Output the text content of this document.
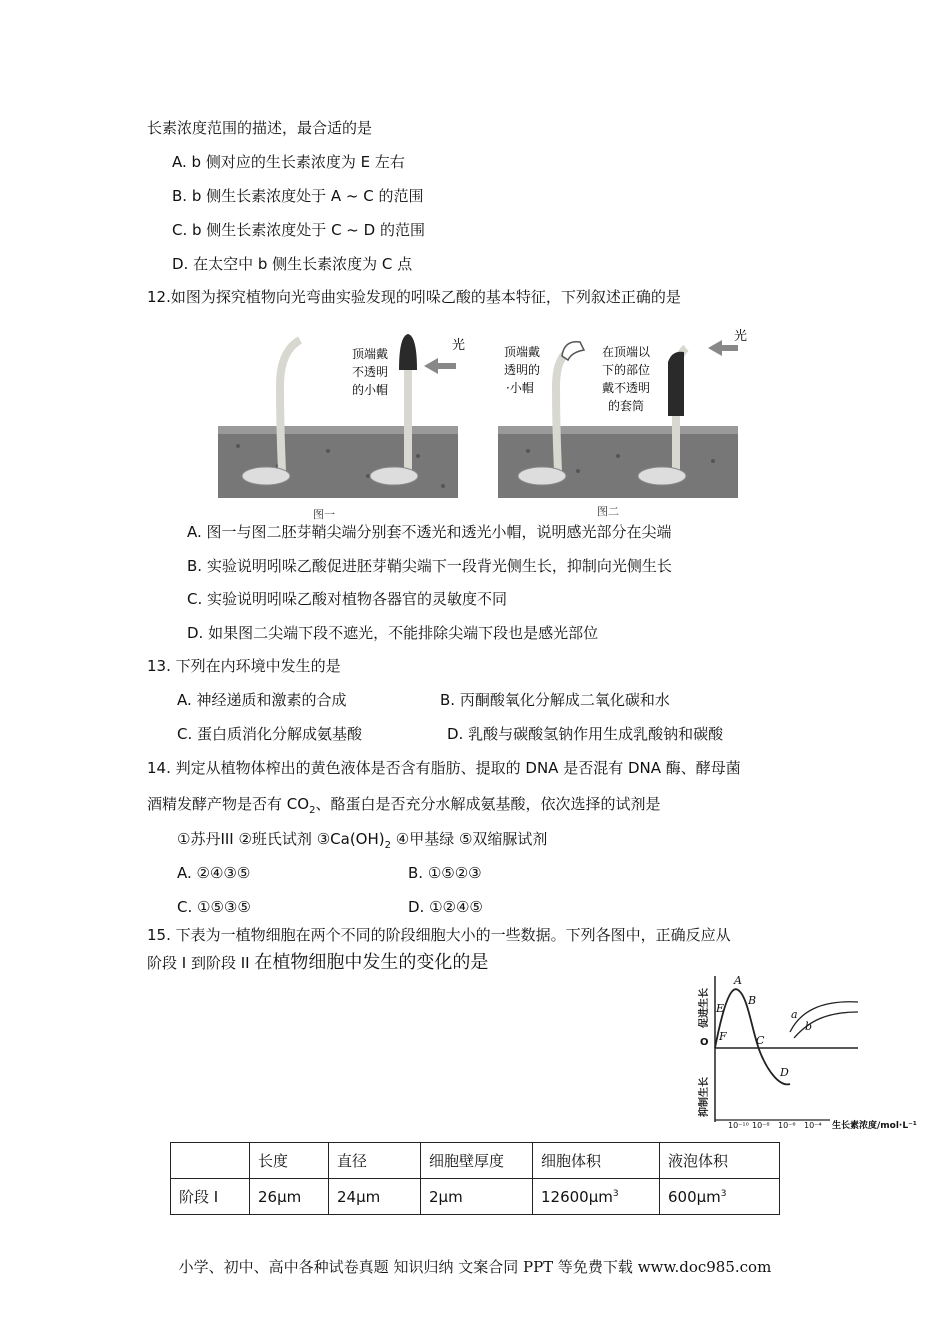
长素浓度范围的描述，最合适的是
A. b 侧对应的生长素浓度为 E 左右
B. b 侧生长素浓度处于 A ~ C 的范围
C. b 侧生长素浓度处于 C ~ D 的范围
D. 在太空中 b 侧生长素浓度为 C 点
12.如图为探究植物向光弯曲实验发现的吲哚乙酸的基本特征，下列叙述正确的是
光
顶端戴
不透明
的小帽
图一
光
顶端戴
透明的
·小帽
在顶端以
下的部位
戴不透明
的套筒
图二
A. 图一与图二胚芽鞘尖端分别套不透光和透光小帽，说明感光部分在尖端
B. 实验说明吲哚乙酸促进胚芽鞘尖端下一段背光侧生长，抑制向光侧生长
C. 实验说明吲哚乙酸对植物各器官的灵敏度不同
D. 如果图二尖端下段不遮光，不能排除尖端下段也是感光部位
13. 下列在内环境中发生的是
A. 神经递质和激素的合成	B. 丙酮酸氧化分解成二氧化碳和水
C. 蛋白质消化分解成氨基酸	D. 乳酸与碳酸氢钠作用生成乳酸钠和碳酸
14. 判定从植物体榨出的黄色液体是否含有脂肪、提取的 DNA 是否混有 DNA 酶、酵母菌
酒精发酵产物是否有 $CO_2$、酪蛋白是否充分水解成氨基酸，依次选择的试剂是
①苏丹III ②班氏试剂 $③Ca(OH)_2$ ④甲基绿 ⑤双缩脲试剂
A. ②④③⑤	B. ①⑤②③
C. ①⑤③⑤	D. ①②④⑤
15. 下表为一植物细胞在两个不同的阶段细胞大小的一些数据。下列各图中，正确反应从
阶段 I 到阶段 II 在植物细胞中发生的变化的是
A
B
C
D
E
F
a
b
促进生长
O
抑制生长
10⁻¹⁰ 10⁻⁸ 10⁻⁶ 10⁻⁴ 生长素浓度/mol·L⁻¹
	长度	直径	细胞壁厚度	细胞体积	液泡体积
阶段 I	26μm	24μm	2μm	$12600\mu m^3$	$600\mu m^3$
小学、初中、高中各种试卷真题 知识归纳 文案合同 PPT 等免费下载 www.doc985.com
